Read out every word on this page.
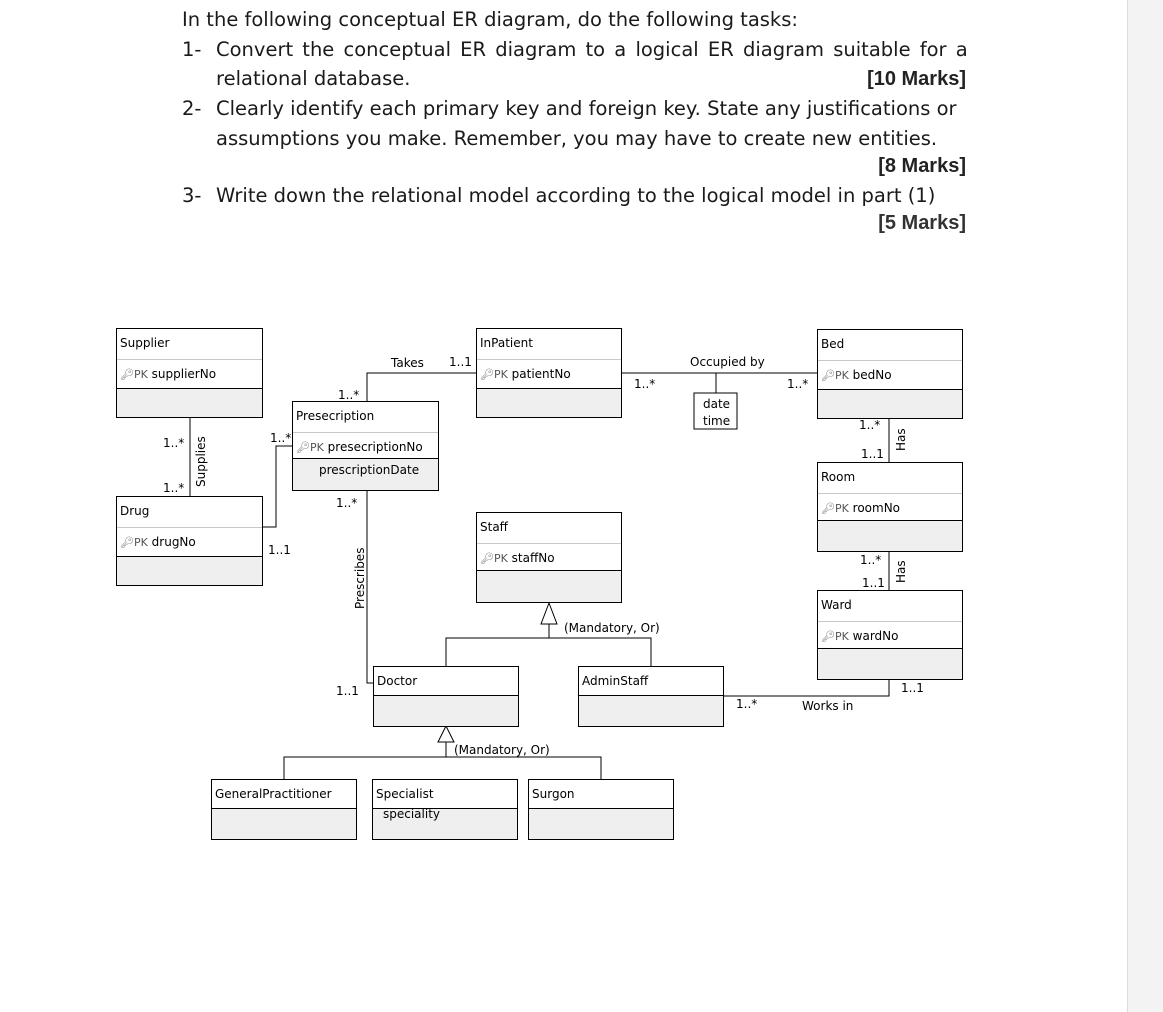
In the following conceptual ER diagram, do the following tasks:
1- Convert the conceptual ER diagram to a logical ER diagram suitable for a
relational database.	[10 Marks]
2- Clearly identify each primary key and foreign key. State any justifications or
assumptions you make. Remember, you may have to create new entities.
[8 Marks]
3- Write down the relational model according to the logical model in part (1)
[5 Marks]
Supplier
🔑︎PK supplierNo
Drug
🔑︎PK drugNo
Presecription
🔑︎PK presecriptionNo
prescriptionDate
InPatient
🔑︎PK patientNo
Bed
🔑︎PK bedNo
Room
🔑︎PK roomNo
Ward
🔑︎PK wardNo
Staff
🔑︎PK staffNo
Doctor	AdminStaff
GeneralPractitioner	Specialist
speciality
Surgon
Takes	Occupied by
date
time
Supplies
Prescribes
Has
Has
Works in
(Mandatory, Or)
(Mandatory, Or)
1..1
1..*
1..*	1..*
1..*
1..*
1..*
1..1
1..*
1..1
1..*
1..1
1..*
1..1
1..*
1..1
